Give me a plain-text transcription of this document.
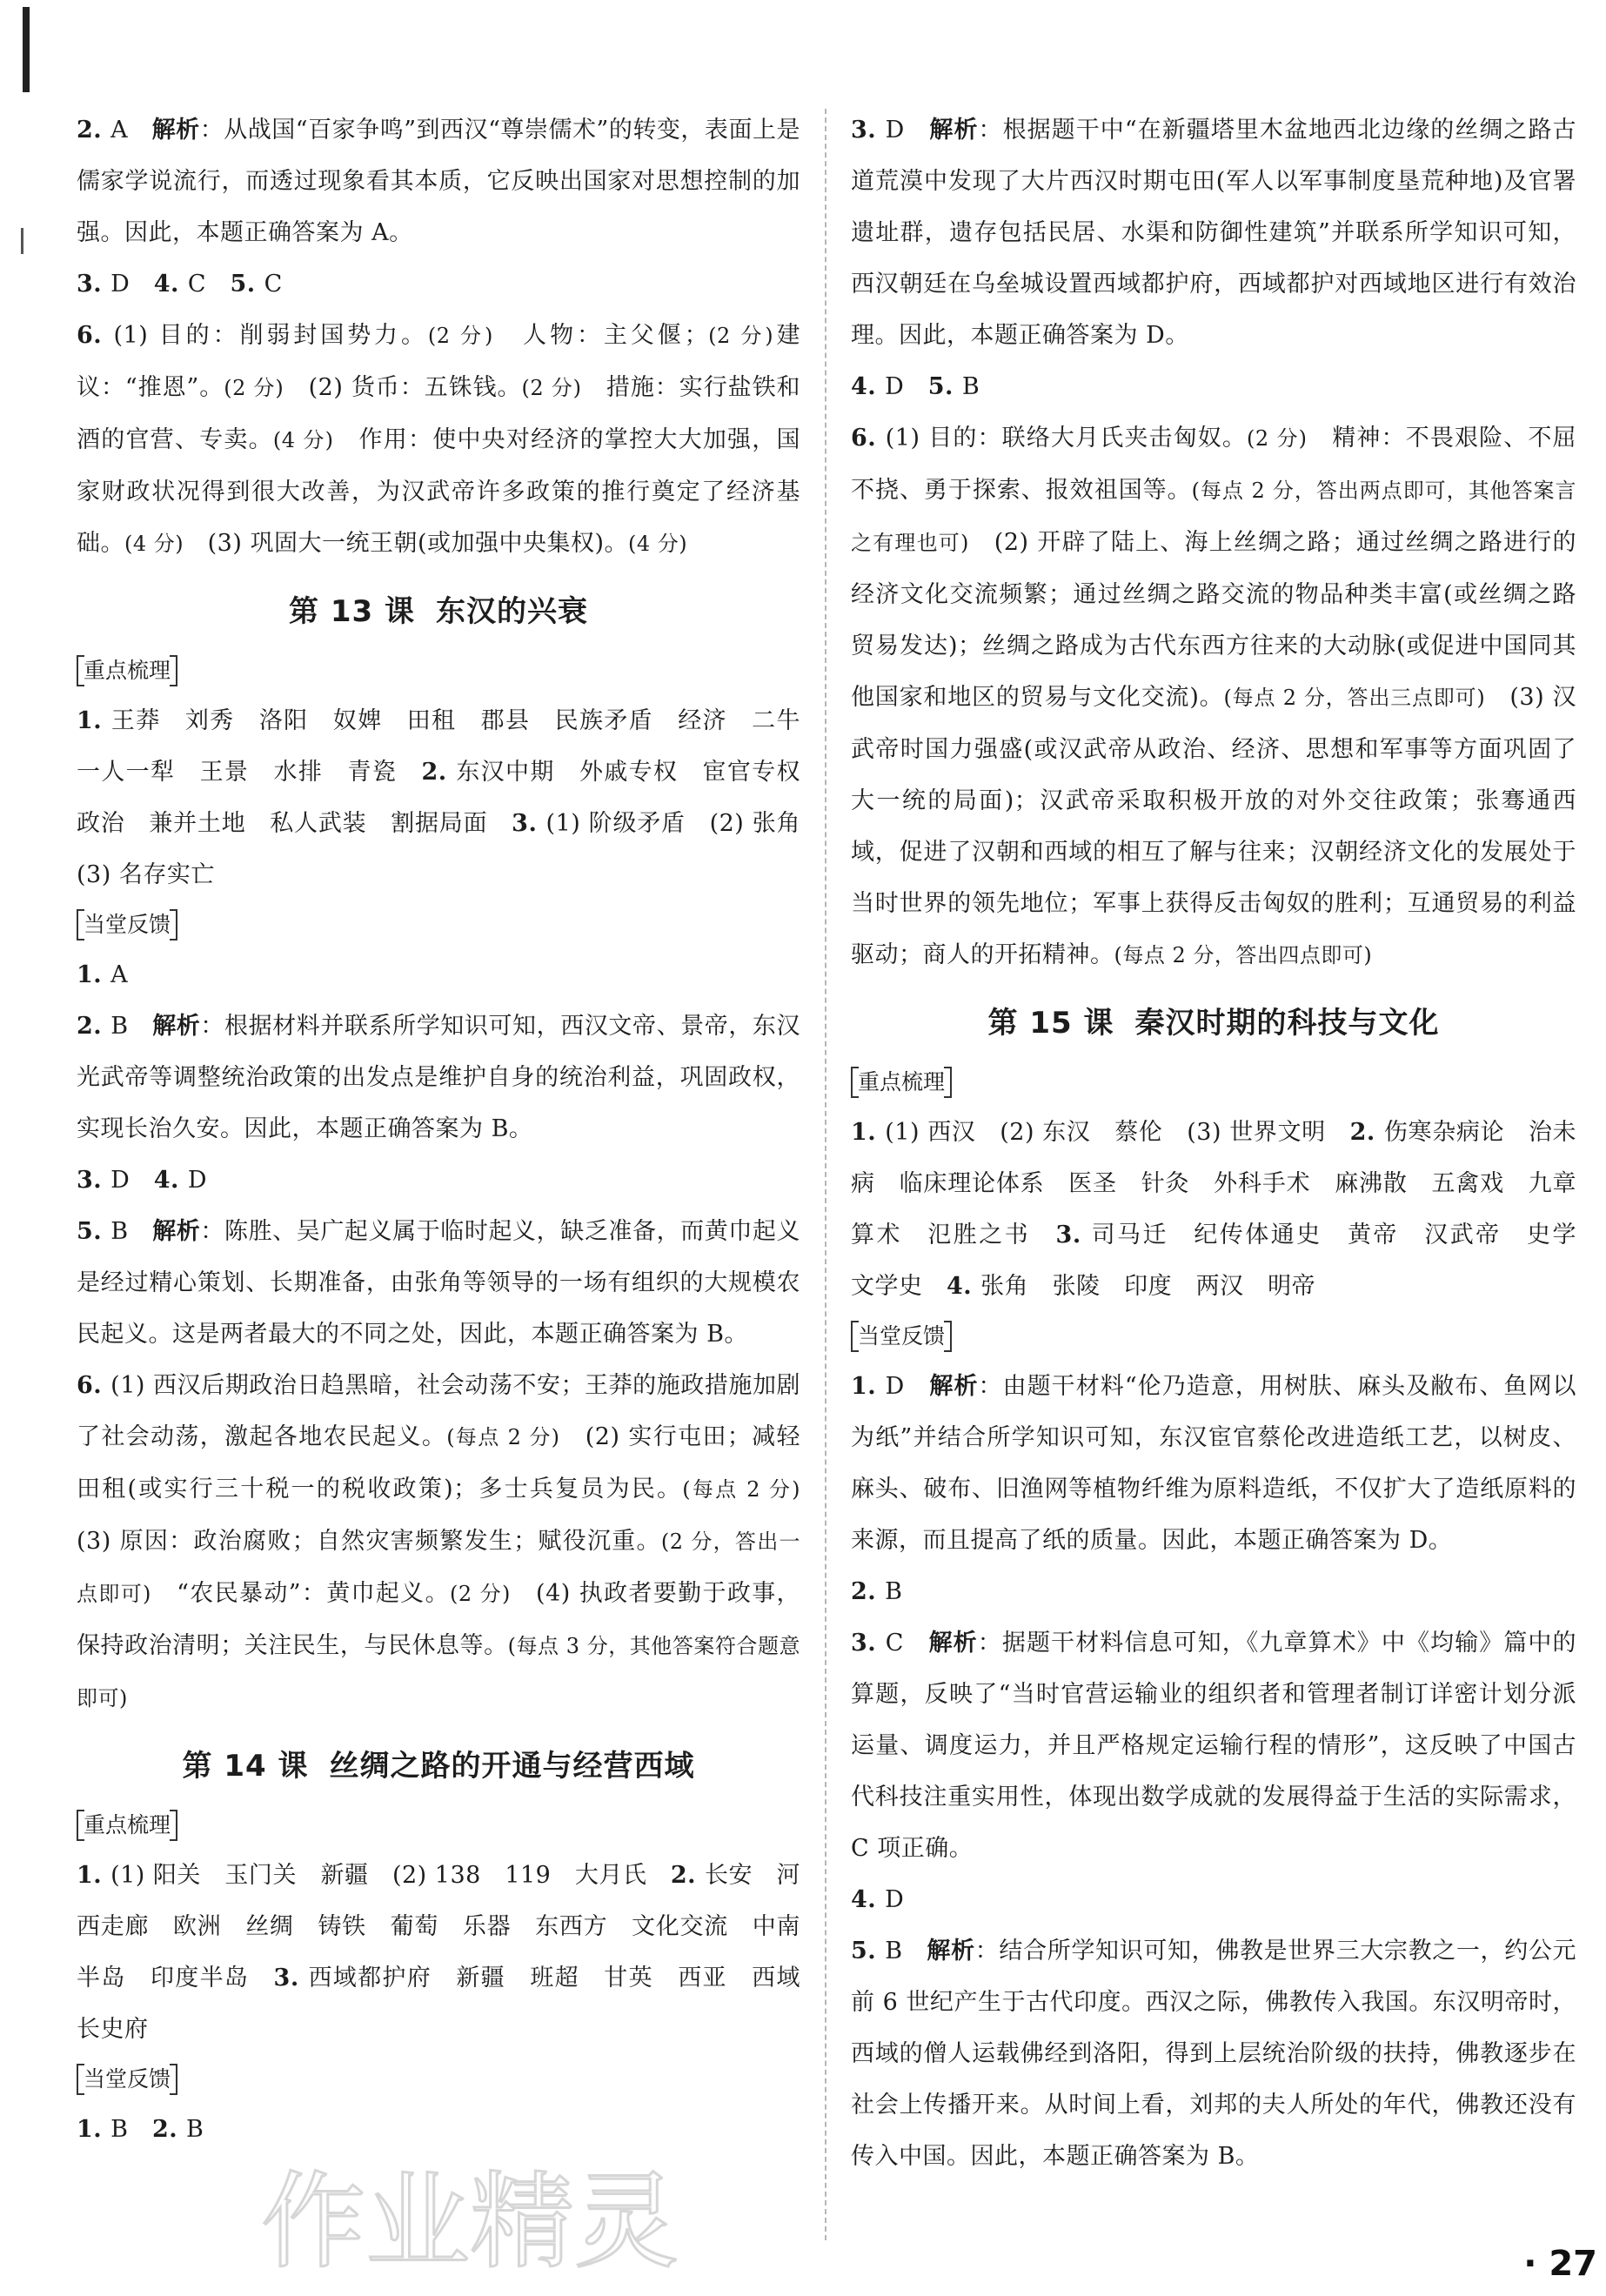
2. A　 解析：从战国“百家争鸣”到西汉“尊崇儒术”的转变，表面上是儒家学说流行，而透过现象看其本质，它反映出国家对思想控制的加强。因此，本题正确答案为 A。

3. D　 4. C　 5. C

6. (1) 目的：削弱封国势力。(2 分)　 人物：主父偃；(2 分)建议：“推恩”。(2 分)　 (2) 货币：五铢钱。(2 分)　 措施：实行盐铁和酒的官营、专卖。(4 分)　 作用：使中央对经济的掌控大大加强，国家财政状况得到很大改善，为汉武帝许多政策的推行奠定了经济基础。(4 分)　 (3) 巩固大一统王朝(或加强中央集权)。(4 分)

第 13 课 东汉的兴衰

重点梳理

1. 王莽　刘秀　洛阳　奴婢　田租　郡县　民族矛盾　经济　二牛一人一犁　王景　水排　青瓷　2. 东汉中期　外戚专权　宦官专权　政治　兼并土地　私人武装　割据局面　3. (1) 阶级矛盾　(2) 张角　(3) 名存实亡

当堂反馈

1. A

2. B　 解析：根据材料并联系所学知识可知，西汉文帝、景帝，东汉光武帝等调整统治政策的出发点是维护自身的统治利益，巩固政权，实现长治久安。因此，本题正确答案为 B。

3. D　 4. D

5. B　 解析：陈胜、吴广起义属于临时起义，缺乏准备，而黄巾起义是经过精心策划、长期准备，由张角等领导的一场有组织的大规模农民起义。这是两者最大的不同之处，因此，本题正确答案为 B。

6. (1) 西汉后期政治日趋黑暗，社会动荡不安；王莽的施政措施加剧了社会动荡，激起各地农民起义。(每点 2 分)　 (2) 实行屯田；减轻田租(或实行三十税一的税收政策)；多士兵复员为民。(每点 2 分)　(3) 原因：政治腐败；自然灾害频繁发生；赋役沉重。(2 分，答出一点即可)　 “农民暴动”：黄巾起义。(2 分)　 (4) 执政者要勤于政事，保持政治清明；关注民生，与民休息等。(每点 3 分，其他答案符合题意即可)

第 14 课 丝绸之路的开通与经营西域

重点梳理

1. (1) 阳关　玉门关　新疆　(2) 138　119　大月氏　2. 长安　河西走廊　欧洲　丝绸　铸铁　葡萄　乐器　东西方　文化交流　中南半岛　印度半岛　3. 西域都护府　新疆　班超　甘英　西亚　西域长史府

当堂反馈

1. B　 2. B

3. D　 解析：根据题干中“在新疆塔里木盆地西北边缘的丝绸之路古道荒漠中发现了大片西汉时期屯田(军人以军事制度垦荒种地)及官署遗址群，遗存包括民居、水渠和防御性建筑”并联系所学知识可知，西汉朝廷在乌垒城设置西域都护府，西域都护对西域地区进行有效治理。因此，本题正确答案为 D。

4. D　 5. B

6. (1) 目的：联络大月氏夹击匈奴。(2 分)　 精神：不畏艰险、不屈不挠、勇于探索、报效祖国等。(每点 2 分，答出两点即可，其他答案言之有理也可)　 (2) 开辟了陆上、海上丝绸之路；通过丝绸之路进行的经济文化交流频繁；通过丝绸之路交流的物品种类丰富(或丝绸之路贸易发达)；丝绸之路成为古代东西方往来的大动脉(或促进中国同其他国家和地区的贸易与文化交流)。(每点 2 分，答出三点即可)　 (3) 汉武帝时国力强盛(或汉武帝从政治、经济、思想和军事等方面巩固了大一统的局面)；汉武帝采取积极开放的对外交往政策；张骞通西域，促进了汉朝和西域的相互了解与往来；汉朝经济文化的发展处于当时世界的领先地位；军事上获得反击匈奴的胜利；互通贸易的利益驱动；商人的开拓精神。(每点 2 分，答出四点即可)

第 15 课 秦汉时期的科技与文化

重点梳理

1. (1) 西汉　(2) 东汉　蔡伦　(3) 世界文明　2. 伤寒杂病论　治未病　临床理论体系　医圣　针灸　外科手术　麻沸散　五禽戏　九章算术　氾胜之书　3. 司马迁　纪传体通史　黄帝　汉武帝　史学　文学史　4. 张角　张陵　印度　两汉　明帝

当堂反馈

1. D　 解析：由题干材料“伦乃造意，用树肤、麻头及敝布、鱼网以为纸”并结合所学知识可知，东汉宦官蔡伦改进造纸工艺，以树皮、麻头、破布、旧渔网等植物纤维为原料造纸，不仅扩大了造纸原料的来源，而且提高了纸的质量。因此，本题正确答案为 D。

2. B

3. C　 解析：据题干材料信息可知，《九章算术》中《均输》篇中的算题，反映了“当时官营运输业的组织者和管理者制订详密计划分派运量、调度运力，并且严格规定运输行程的情形”，这反映了中国古代科技注重实用性，体现出数学成就的发展得益于生活的实际需求，C 项正确。

4. D

5. B　 解析：结合所学知识可知，佛教是世界三大宗教之一，约公元前 6 世纪产生于古代印度。西汉之际，佛教传入我国。东汉明帝时，西域的僧人运载佛经到洛阳，得到上层统治阶级的扶持，佛教逐步在社会上传播开来。从时间上看，刘邦的夫人所处的年代，佛教还没有传入中国。因此，本题正确答案为 B。

· 27
作业精灵
